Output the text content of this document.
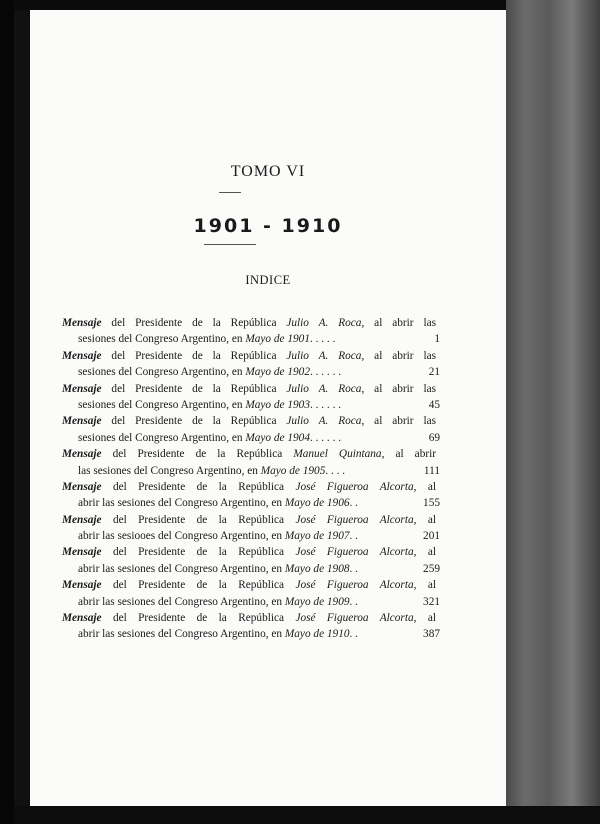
TOMO VI
1901 - 1910
INDICE
Mensaje del Presidente de la República Julio A. Roca, al abrir las
sesiones del Congreso Argentino, en Mayo de 1901. . . . .	1
Mensaje del Presidente de la República Julio A. Roca, al abrir las
sesiones del Congreso Argentino, en Mayo de 1902. . . . . .	21
Mensaje del Presidente de la República Julio A. Roca, al abrir las
sesiones del Congreso Argentino, en Mayo de 1903. . . . . .	45
Mensaje del Presidente de la República Julio A. Roca, al abrir las
sesiones del Congreso Argentino, en Mayo de 1904. . . . . .	69
Mensaje del Presidente de la República Manuel Quintana, al abrir
las sesiones del Congreso Argentino, en Mayo de 1905. . . .	111
Mensaje del Presidente de la República José Figueroa Alcorta, al
abrir las sesiones del Congreso Argentino, en Mayo de 1906. .	155
Mensaje del Presidente de la República José Figueroa Alcorta, al
abrir las sesiooes del Congreso Argentino, en Mayo de 1907. .	201
Mensaje del Presidente de la República José Figueroa Alcorta, al
abrir las sesiones del Congreso Argentino, en Mayo de 1908. .	259
Mensaje del Presidente de la República José Figueroa Alcorta, al
abrir las sesiones del Congreso Argentino, en Mayo de 1909. .	321
Mensaje del Presidente de la República José Figueroa Alcorta, al
abrir las sesiones del Congreso Argentino, en Mayo de 1910. .	387
